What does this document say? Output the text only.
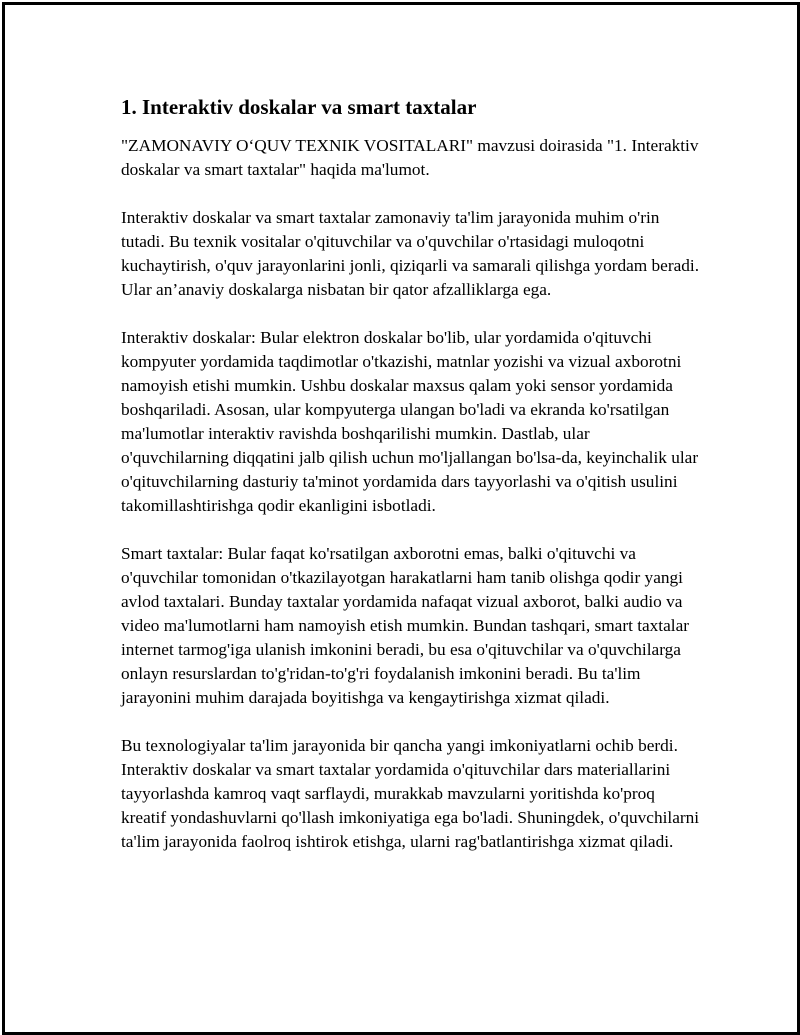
1. Interaktiv doskalar va smart taxtalar

"ZAMONAVIY O‘QUV TEXNIK VOSITALARI" mavzusi doirasida "1. Interaktiv doskalar va smart taxtalar" haqida ma'lumot.

Interaktiv doskalar va smart taxtalar zamonaviy ta'lim jarayonida muhim o'rin tutadi. Bu texnik vositalar o'qituvchilar va o'quvchilar o'rtasidagi muloqotni kuchaytirish, o'quv jarayonlarini jonli, qiziqarli va samarali qilishga yordam beradi. Ular an’anaviy doskalarga nisbatan bir qator afzalliklarga ega.

Interaktiv doskalar: Bular elektron doskalar bo'lib, ular yordamida o'qituvchi kompyuter yordamida taqdimotlar o'tkazishi, matnlar yozishi va vizual axborotni namoyish etishi mumkin. Ushbu doskalar maxsus qalam yoki sensor yordamida boshqariladi. Asosan, ular kompyuterga ulangan bo'ladi va ekranda ko'rsatilgan ma'lumotlar interaktiv ravishda boshqarilishi mumkin. Dastlab, ular o'quvchilarning diqqatini jalb qilish uchun mo'ljallangan bo'lsa-da, keyinchalik ular o'qituvchilarning dasturiy ta'minot yordamida dars tayyorlashi va o'qitish usulini takomillashtirishga qodir ekanligini isbotladi.

Smart taxtalar: Bular faqat ko'rsatilgan axborotni emas, balki o'qituvchi va o'quvchilar tomonidan o'tkazilayotgan harakatlarni ham tanib olishga qodir yangi avlod taxtalari. Bunday taxtalar yordamida nafaqat vizual axborot, balki audio va video ma'lumotlarni ham namoyish etish mumkin. Bundan tashqari, smart taxtalar internet tarmog'iga ulanish imkonini beradi, bu esa o'qituvchilar va o'quvchilarga onlayn resurslardan to'g'ridan-to'g'ri foydalanish imkonini beradi. Bu ta'lim jarayonini muhim darajada boyitishga va kengaytirishga xizmat qiladi.

Bu texnologiyalar ta'lim jarayonida bir qancha yangi imkoniyatlarni ochib berdi. Interaktiv doskalar va smart taxtalar yordamida o'qituvchilar dars materiallarini tayyorlashda kamroq vaqt sarflaydi, murakkab mavzularni yoritishda ko'proq kreatif yondashuvlarni qo'llash imkoniyatiga ega bo'ladi. Shuningdek, o'quvchilarni ta'lim jarayonida faolroq ishtirok etishga, ularni rag'batlantirishga xizmat qiladi.
